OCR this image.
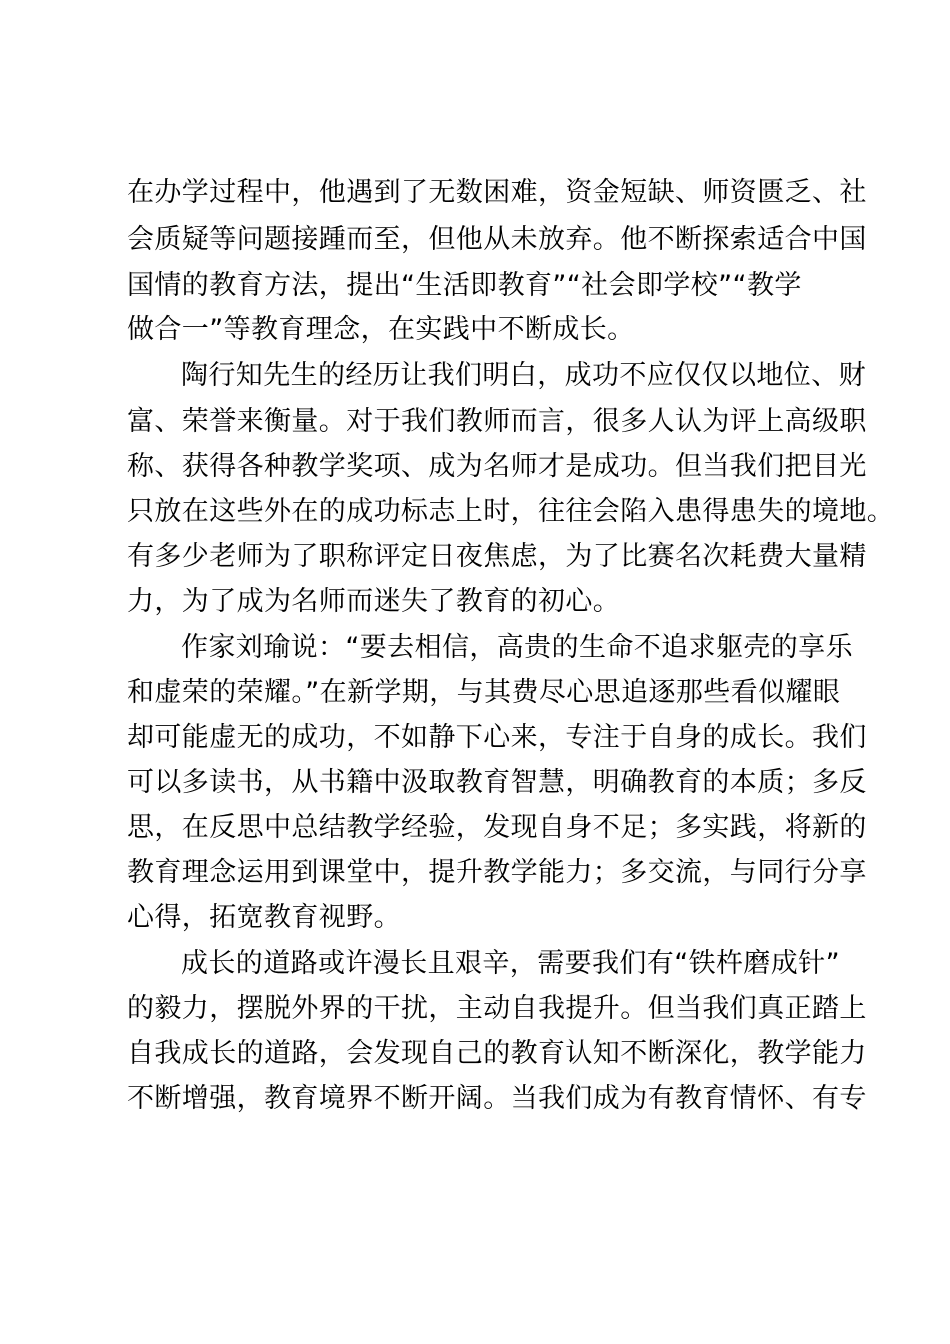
在办学过程中，他遇到了无数困难，资金短缺、师资匮乏、社
会质疑等问题接踵而至，但他从未放弃。他不断探索适合中国
国情的教育方法，提出“生活即教育”“社会即学校”“教学
做合一”等教育理念，在实践中不断成长。
陶行知先生的经历让我们明白，成功不应仅仅以地位、财
富、荣誉来衡量。对于我们教师而言，很多人认为评上高级职
称、获得各种教学奖项、成为名师才是成功。但当我们把目光
只放在这些外在的成功标志上时，往往会陷入患得患失的境地。
有多少老师为了职称评定日夜焦虑，为了比赛名次耗费大量精
力，为了成为名师而迷失了教育的初心。
作家刘瑜说：“要去相信，高贵的生命不追求躯壳的享乐
和虚荣的荣耀。”在新学期，与其费尽心思追逐那些看似耀眼
却可能虚无的成功，不如静下心来，专注于自身的成长。我们
可以多读书，从书籍中汲取教育智慧，明确教育的本质；多反
思，在反思中总结教学经验，发现自身不足；多实践，将新的
教育理念运用到课堂中，提升教学能力；多交流，与同行分享
心得，拓宽教育视野。
成长的道路或许漫长且艰辛，需要我们有“铁杵磨成针”
的毅力，摆脱外界的干扰，主动自我提升。但当我们真正踏上
自我成长的道路，会发现自己的教育认知不断深化，教学能力
不断增强，教育境界不断开阔。当我们成为有教育情怀、有专
